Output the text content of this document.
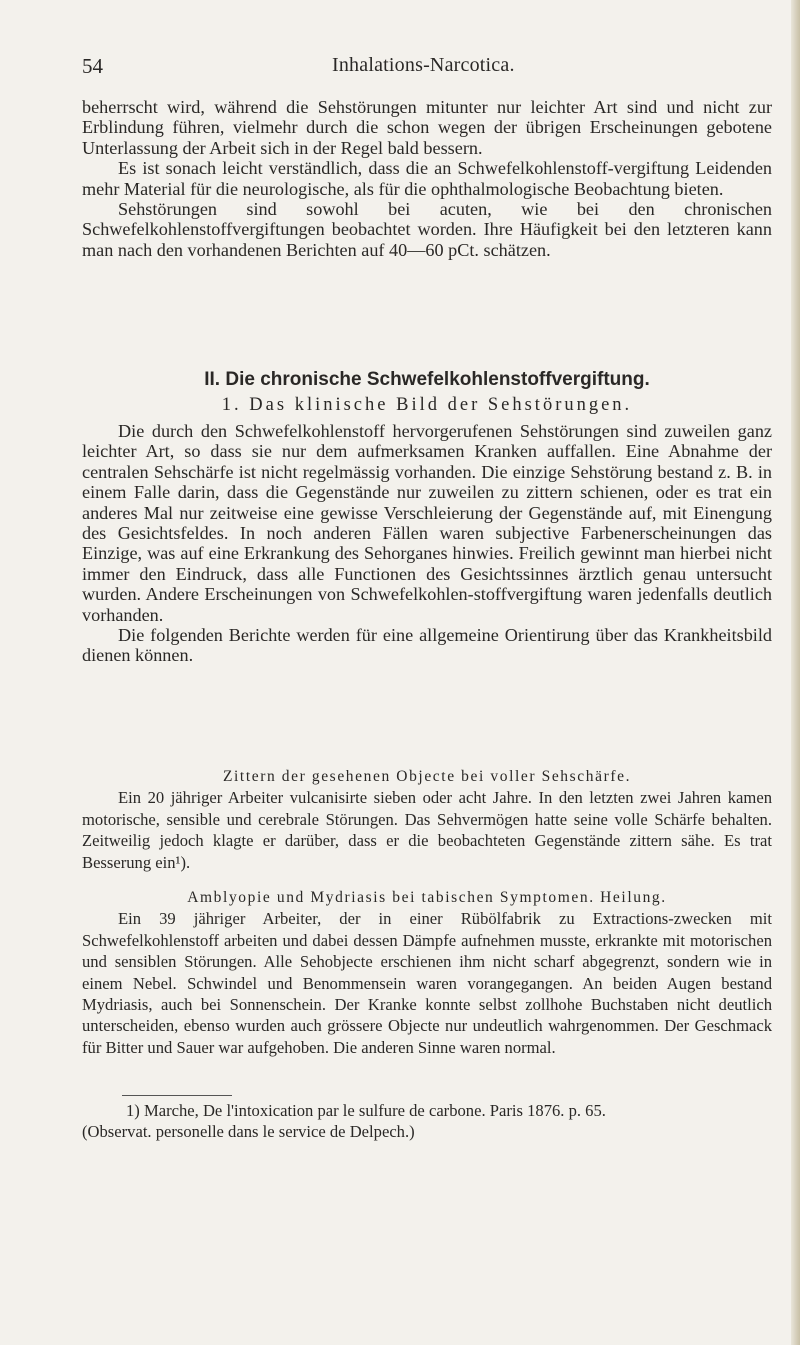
54	Inhalations-Narcotica.

beherrscht wird, während die Sehstörungen mitunter nur leichter Art sind und nicht zur Erblindung führen, vielmehr durch die schon wegen der übrigen Erscheinungen gebotene Unterlassung der Arbeit sich in der Regel bald bessern.

Es ist sonach leicht verständlich, dass die an Schwefelkohlenstoff-vergiftung Leidenden mehr Material für die neurologische, als für die ophthalmologische Beobachtung bieten.

Sehstörungen sind sowohl bei acuten, wie bei den chronischen Schwefelkohlenstoffvergiftungen beobachtet worden. Ihre Häufigkeit bei den letzteren kann man nach den vorhandenen Berichten auf 40—60 pCt. schätzen.

II. Die chronische Schwefelkohlenstoffvergiftung.
1. Das klinische Bild der Sehstörungen.

Die durch den Schwefelkohlenstoff hervorgerufenen Sehstörungen sind zuweilen ganz leichter Art, so dass sie nur dem aufmerksamen Kranken auffallen. Eine Abnahme der centralen Sehschärfe ist nicht regelmässig vorhanden. Die einzige Sehstörung bestand z. B. in einem Falle darin, dass die Gegenstände nur zuweilen zu zittern schienen, oder es trat ein anderes Mal nur zeitweise eine gewisse Verschleierung der Gegenstände auf, mit Einengung des Gesichtsfeldes. In noch anderen Fällen waren subjective Farbenerscheinungen das Einzige, was auf eine Erkrankung des Sehorganes hinwies. Freilich gewinnt man hierbei nicht immer den Eindruck, dass alle Functionen des Gesichtssinnes ärztlich genau untersucht wurden. Andere Erscheinungen von Schwefelkohlen-stoffvergiftung waren jedenfalls deutlich vorhanden.

Die folgenden Berichte werden für eine allgemeine Orientirung über das Krankheitsbild dienen können.

Zittern der gesehenen Objecte bei voller Sehschärfe.

Ein 20 jähriger Arbeiter vulcanisirte sieben oder acht Jahre. In den letzten zwei Jahren kamen motorische, sensible und cerebrale Störungen. Das Sehvermögen hatte seine volle Schärfe behalten. Zeitweilig jedoch klagte er darüber, dass er die beobachteten Gegenstände zittern sähe. Es trat Besserung ein¹).

Amblyopie und Mydriasis bei tabischen Symptomen. Heilung.

Ein 39 jähriger Arbeiter, der in einer Rübölfabrik zu Extractions-zwecken mit Schwefelkohlenstoff arbeiten und dabei dessen Dämpfe aufnehmen musste, erkrankte mit motorischen und sensiblen Störungen. Alle Sehobjecte erschienen ihm nicht scharf abgegrenzt, sondern wie in einem Nebel. Schwindel und Benommensein waren vorangegangen. An beiden Augen bestand Mydriasis, auch bei Sonnenschein. Der Kranke konnte selbst zollhohe Buchstaben nicht deutlich unterscheiden, ebenso wurden auch grössere Objecte nur undeutlich wahrgenommen. Der Geschmack für Bitter und Sauer war aufgehoben. Die anderen Sinne waren normal.

1) Marche, De l'intoxication par le sulfure de carbone. Paris 1876. p. 65.

(Observat. personelle dans le service de Delpech.)
